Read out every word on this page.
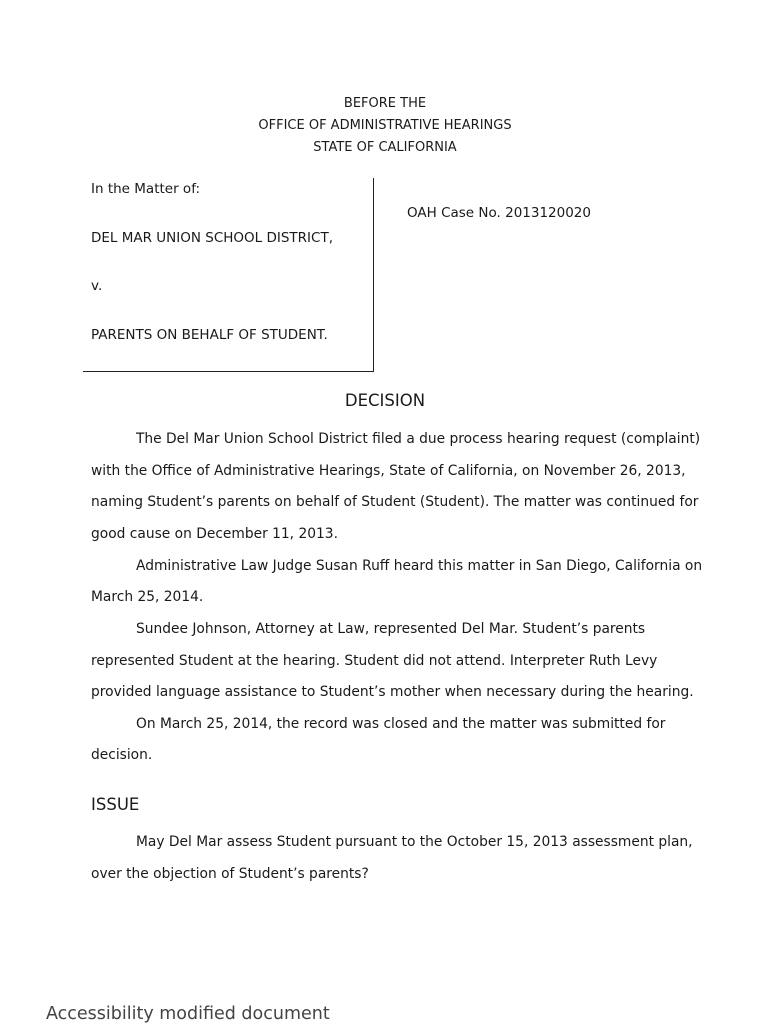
BEFORE THE
OFFICE OF ADMINISTRATIVE HEARINGS
STATE OF CALIFORNIA
In the Matter of:
DEL MAR UNION SCHOOL DISTRICT,
v.
PARENTS ON BEHALF OF STUDENT.
OAH Case No. 2013120020
DECISION
The Del Mar Union School District filed a due process hearing request (complaint)
with the Office of Administrative Hearings, State of California, on November 26, 2013,
naming Student’s parents on behalf of Student (Student). The matter was continued for
good cause on December 11, 2013.
Administrative Law Judge Susan Ruff heard this matter in San Diego, California on
March 25, 2014.
Sundee Johnson, Attorney at Law, represented Del Mar. Student’s parents
represented Student at the hearing. Student did not attend. Interpreter Ruth Levy
provided language assistance to Student’s mother when necessary during the hearing.
On March 25, 2014, the record was closed and the matter was submitted for
decision.
ISSUE
May Del Mar assess Student pursuant to the October 15, 2013 assessment plan,
over the objection of Student’s parents?
Accessibility modified document
